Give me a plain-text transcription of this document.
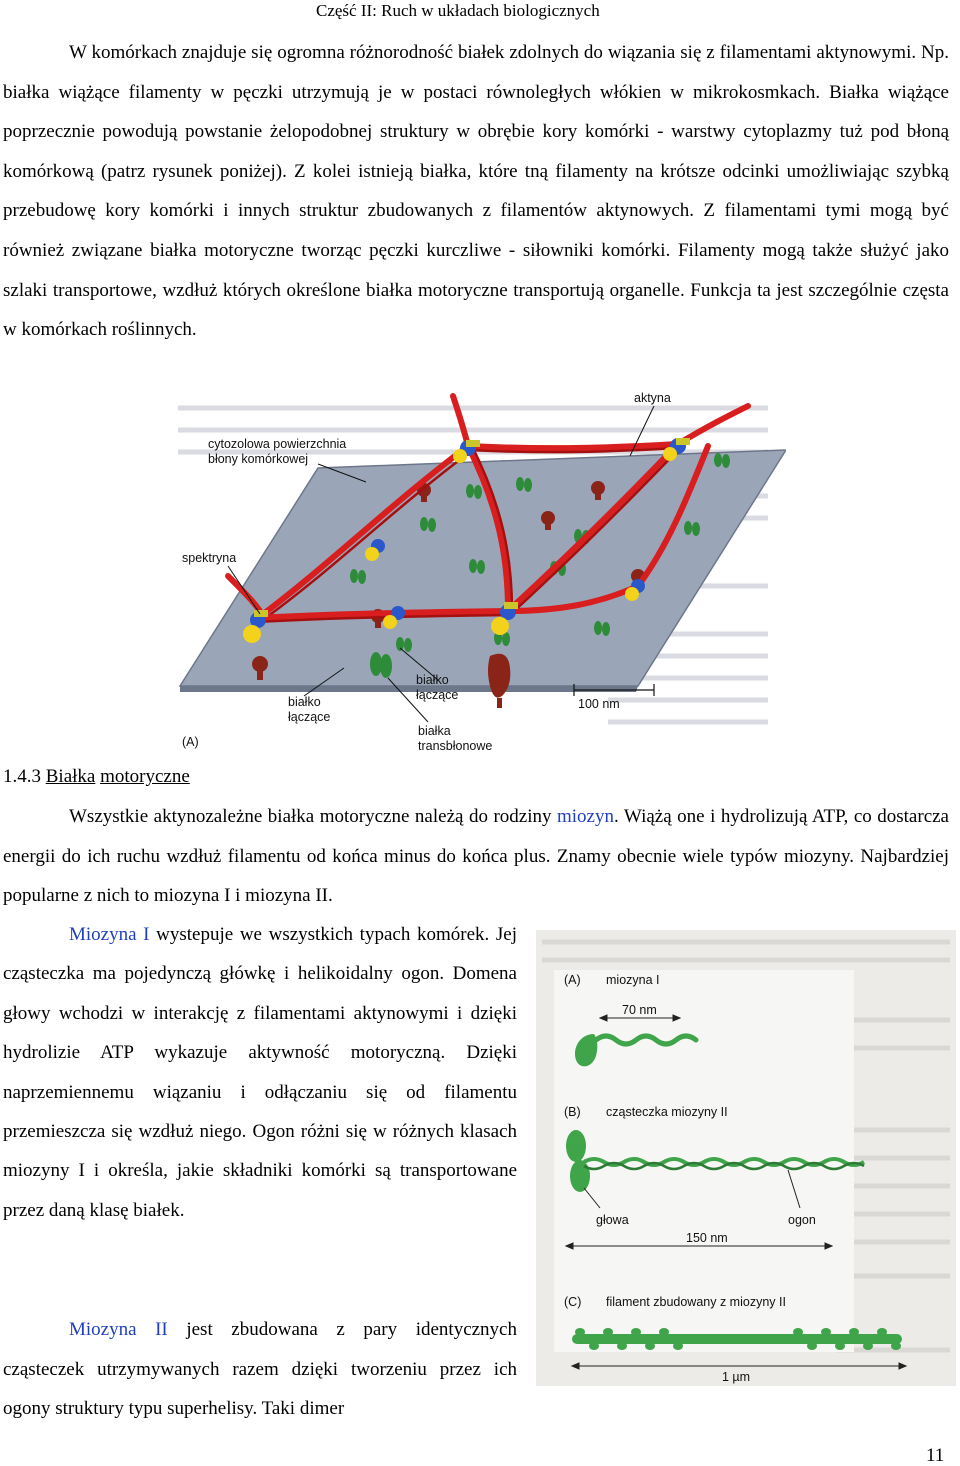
Część II: Ruch w układach biologicznych

W komórkach znajduje się ogromna różnorodność białek zdolnych do wiązania się z filamentami aktynowymi. Np. białka wiążące filamenty w pęczki utrzymują je w postaci równoległych włókien w mikrokosmkach. Białka wiążące poprzecznie powodują powstanie żelopodobnej struktury w obrębie kory komórki - warstwy cytoplazmy tuż pod błoną komórkową (patrz rysunek poniżej). Z kolei istnieją białka, które tną filamenty na krótsze odcinki umożliwiając szybką przebudowę kory komórki i innych struktur zbudowanych z filamentów aktynowych. Z filamentami tymi mogą być również związane białka motoryczne tworząc pęczki kurczliwe - siłowniki komórki. Filamenty mogą także służyć jako szlaki transportowe, wzdłuż których określone białka motoryczne transportują organelle. Funkcja ta jest szczególnie częsta w komórkach roślinnych.

aktyna
cytozolowa powierzchnia
błony komórkowej
spektryna
białko
łączące
100 nm
białko
łączące
białka
transbłonowe
(A)
1.4.3 Białka motoryczne

Wszystkie aktynozależne białka motoryczne należą do rodziny miozyn. Wiążą one i hydrolizują ATP, co dostarcza energii do ich ruchu wzdłuż filamentu od końca minus do końca plus. Znamy obecnie wiele typów miozyny. Najbardziej popularne z nich to miozyna I i miozyna II.

Miozyna I wystepuje we wszystkich typach komórek. Jej cząsteczka ma pojedynczą główkę i helikoidalny ogon. Domena głowy wchodzi w interakcję z filamentami aktynowymi i dzięki hydrolizie ATP wykazuje aktywność motoryczną. Dzięki naprzemiennemu wiązaniu i odłączaniu się od filamentu przemieszcza się wzdłuż niego. Ogon różni się w różnych klasach miozyny I i określa, jakie składniki komórki są transportowane przez daną klasę białek.

Miozyna II jest zbudowana z pary identycznych cząsteczek utrzymywanych razem dzięki tworzeniu przez ich ogony struktury typu superhelisy. Taki dimer

(A) miozyna I
70 nm
(B) cząsteczka miozyny II
głowa	ogon
150 nm
(C) filament zbudowany z miozyny II
1 µm
11
